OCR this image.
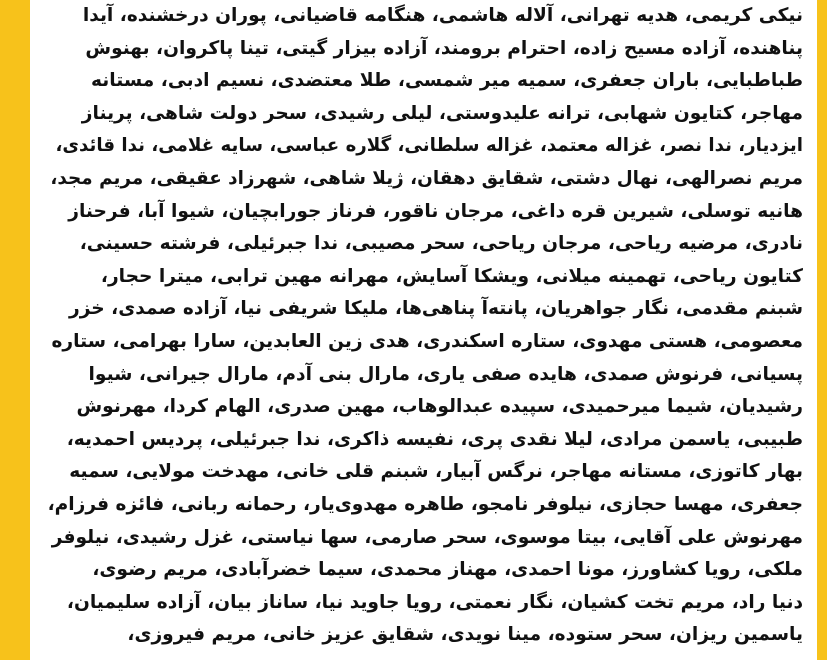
نیکی کریمی، هدیه تهرانی، آلاله هاشمی، هنگامه قاضیانی، پوران درخشنده، آیدا
پناهنده، آزاده مسیح زاده، احترام برومند، آزاده بیزار گیتی، تینا پاکروان، بهنوش
طباطبایی، باران جعفری، سمیه میر شمسی، طلا معتضدی، نسیم ادبی، مستانه
مهاجر، کتایون شهابی، ترانه علیدوستی، لیلی رشیدی، سحر دولت شاهی، پریناز
ایزدیار، ندا نصر، غزاله معتمد، غزاله سلطانی، گلاره عباسی، سایه غلامی، ندا قائدی،
مریم نصرالهی، نهال دشتی، شقایق دهقان، ژیلا شاهی، شهرزاد عقیقی، مریم مجد،
هانیه توسلی، شیرین قره داغی، مرجان ناقور، فرناز جورابچیان، شیوا آبا، فرحناز
نادری، مرضیه ریاحی، مرجان ریاحی، سحر مصیبی، ندا جبرئیلی، فرشته حسینی،
کتایون ریاحی، تهمینه میلانی، ویشکا آسایش، مهرانه مهین ترابی، میترا حجار،
شبنم مقدمی، نگار جواهریان، پانته‌آ پناهی‌ها، ملیکا شریفی نیا، آزاده صمدی، خزر
معصومی، هستی مهدوی، ستاره اسکندری، هدی زین العابدین، سارا بهرامی، ستاره
پسیانی، فرنوش صمدی، هایده صفی یاری، مارال بنی آدم، مارال جیرانی، شیوا
رشیدیان، شیما میرحمیدی، سپیده عبدالوهاب، مهین صدری، الهام کردا، مهرنوش
طبیبی، یاسمن مرادی، لیلا نقدی پری، نفیسه ذاکری، ندا جبرئیلی، پردیس احمدیه،
بهار کاتوزی، مستانه مهاجر، نرگس آبیار، شبنم قلی خانی، مهدخت مولایی، سمیه
جعفری، مهسا حجازی، نیلوفر نامجو، طاهره مهدوی‌یار، رحمانه ربانی، فائزه فرزام،
مهرنوش علی آقایی، بیتا موسوی، سحر صارمی، سها نیاستی، غزل رشیدی، نیلوفر
ملکی، رویا کشاورز، مونا احمدی، مهناز محمدی، سیما خضرآبادی، مریم رضوی،
دنیا راد، مریم تخت کشیان، نگار نعمتی، رویا جاوید نیا، ساناز بیان، آزاده سلیمیان،
یاسمین ریزان، سحر ستوده، مینا نویدی، شقایق عزیز خانی، مریم فیروزی،
